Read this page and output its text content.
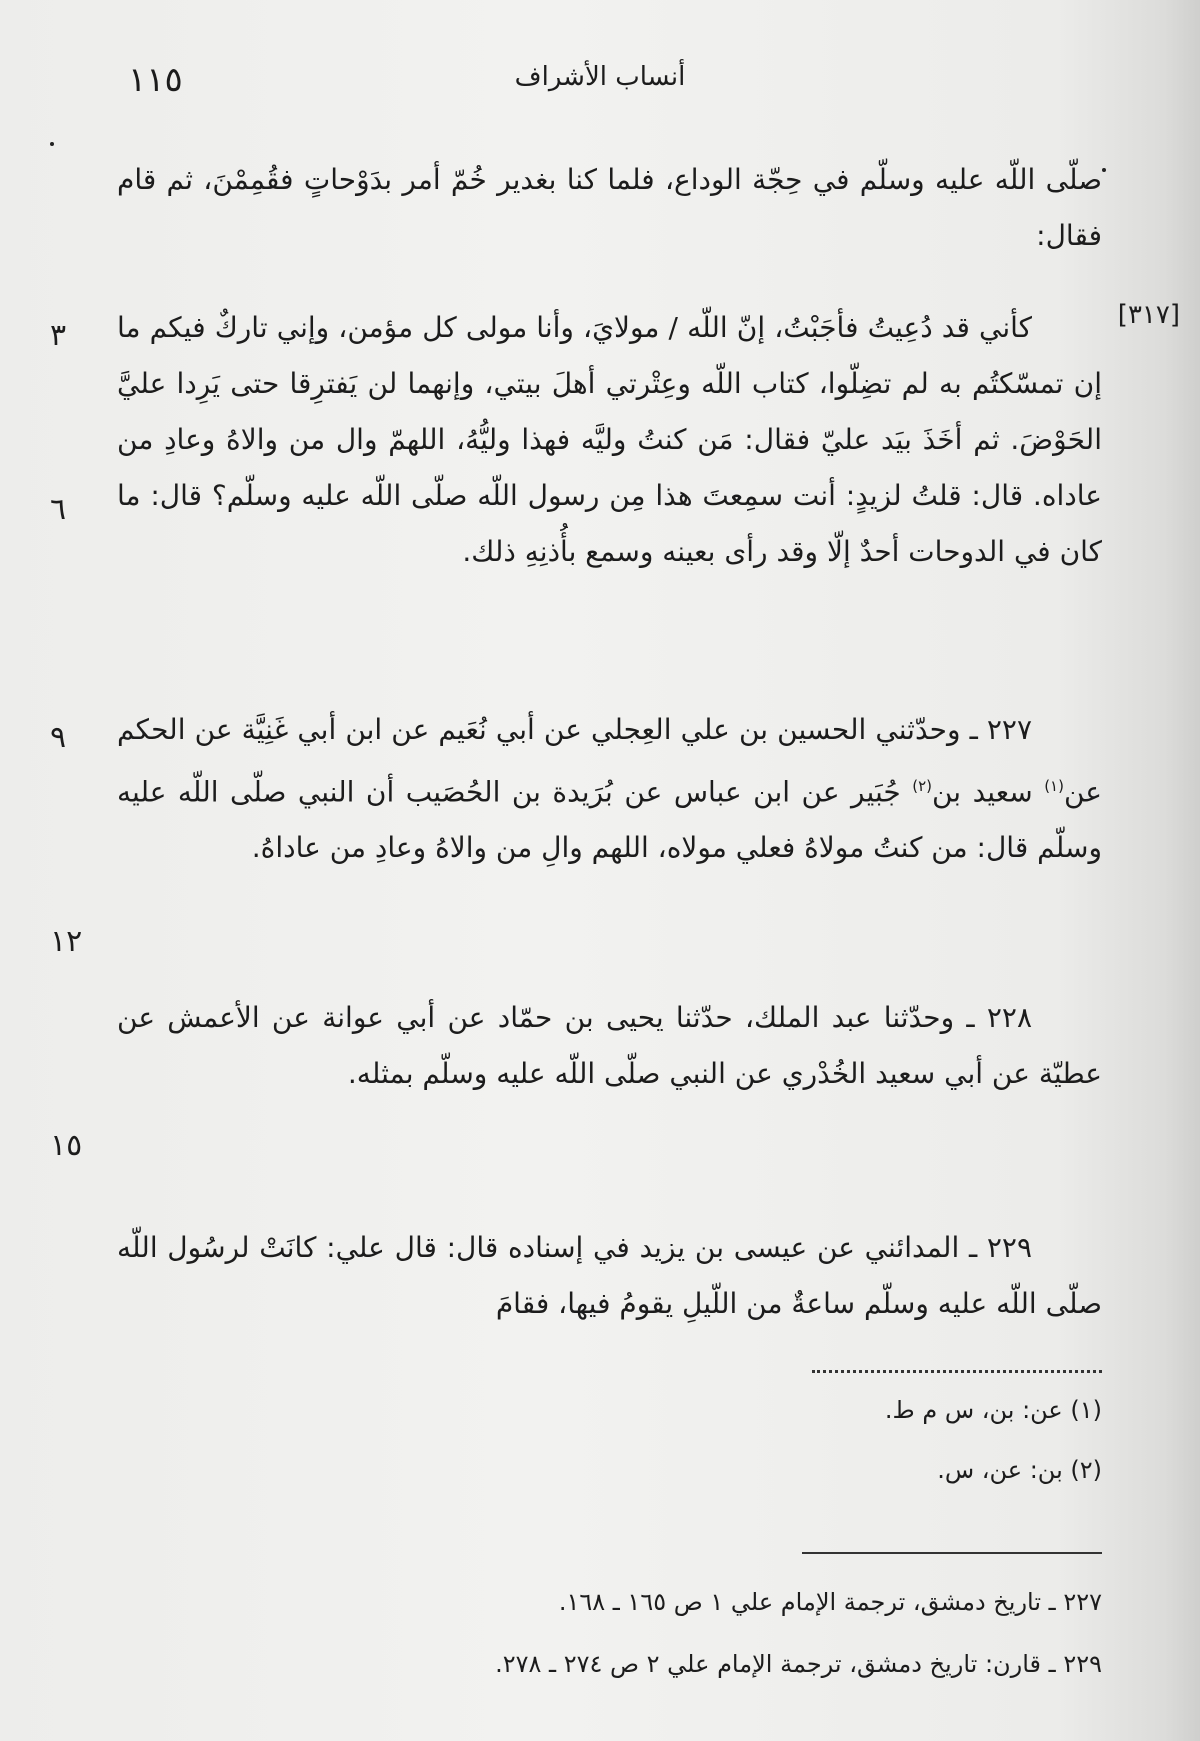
١١٥	أنساب الأشراف
[٣١٧]
٣
٦
٩
١٢
١٥

صلّى اللّه عليه وسلّم في حِجّة الوداع، فلما كنا بغدير خُمّ أمر بدَوْحاتٍ فقُمِمْنَ، ثم قام فقال:

كأني قد دُعِيتُ فأجَبْتُ، إنّ اللّه / مولايَ، وأنا مولى كل مؤمن، وإني تاركٌ فيكم ما إن تمسّكتُم به لم تضِلّوا، كتاب اللّه وعِتْرتي أهلَ بيتي، وإنهما لن يَفترِقا حتى يَرِدا عليَّ الحَوْضَ. ثم أخَذَ بيَد عليّ فقال: مَن كنتُ وليَّه فهذا وليُّهُ، اللهمّ وال من والاهُ وعادِ من عاداه. قال: قلتُ لزيدٍ: أنت سمِعتَ هذا مِن رسول اللّه صلّى اللّه عليه وسلّم؟ قال: ما كان في الدوحات أحدٌ إلّا وقد رأى بعينه وسمع بأُذنِهِ ذلك.

٢٢٧ ـ وحدّثني الحسين بن علي العِجلي عن أبي نُعَيم عن ابن أبي غَنِيَّة عن الحكم عن$^{(١)}$ سعيد بن$^{(٢)}$ جُبَير عن ابن عباس عن بُرَيدة بن الحُصَيب أن النبي صلّى اللّه عليه وسلّم قال: من كنتُ مولاهُ فعلي مولاه، اللهم والِ من والاهُ وعادِ من عاداهُ.

٢٢٨ ـ وحدّثنا عبد الملك، حدّثنا يحيى بن حمّاد عن أبي عوانة عن الأعمش عن عطيّة عن أبي سعيد الخُدْري عن النبي صلّى اللّه عليه وسلّم بمثله.

٢٢٩ ـ المدائني عن عيسى بن يزيد في إسناده قال: قال علي: كانَتْ لرسُول اللّه صلّى اللّه عليه وسلّم ساعةٌ من اللّيلِ يقومُ فيها، فقامَ

(١) عن: بن، س م ط.
(٢) بن: عن، س.
٢٢٧ ـ تاريخ دمشق، ترجمة الإمام علي ١ ص ١٦٥ ـ ١٦٨.
٢٢٩ ـ قارن: تاريخ دمشق، ترجمة الإمام علي ٢ ص ٢٧٤ ـ ٢٧٨.
